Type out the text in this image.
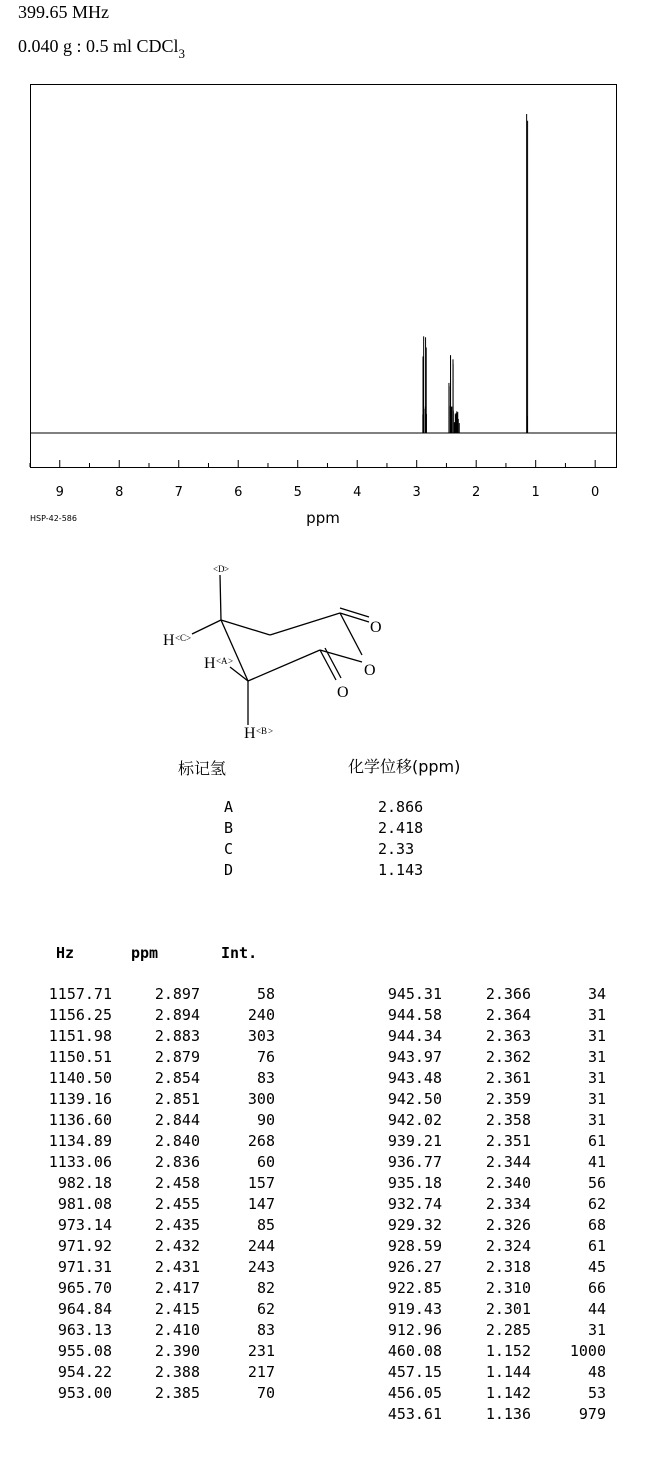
399.65 MHz
0.040 g : 0.5 ml CDCl$_3$
9	8	7	6	5	4	3	2	1	0
ppm
HSP-42-586
< D >
H < C >
H < A >
H < B >
O
O
O
标记氢	化学位移(ppm)
A	2.866
B	2.418
C	2.33
D	1.143
Hz	ppm	Int.
1157.71	2.897	58
1156.25	2.894	240
1151.98	2.883	303
1150.51	2.879	76
1140.50	2.854	83
1139.16	2.851	300
1136.60	2.844	90
1134.89	2.840	268
1133.06	2.836	60
982.18	2.458	157
981.08	2.455	147
973.14	2.435	85
971.92	2.432	244
971.31	2.431	243
965.70	2.417	82
964.84	2.415	62
963.13	2.410	83
955.08	2.390	231
954.22	2.388	217
953.00	2.385	70
945.31	2.366	34
944.58	2.364	31
944.34	2.363	31
943.97	2.362	31
943.48	2.361	31
942.50	2.359	31
942.02	2.358	31
939.21	2.351	61
936.77	2.344	41
935.18	2.340	56
932.74	2.334	62
929.32	2.326	68
928.59	2.324	61
926.27	2.318	45
922.85	2.310	66
919.43	2.301	44
912.96	2.285	31
460.08	1.152	1000
457.15	1.144	48
456.05	1.142	53
453.61	1.136	979
